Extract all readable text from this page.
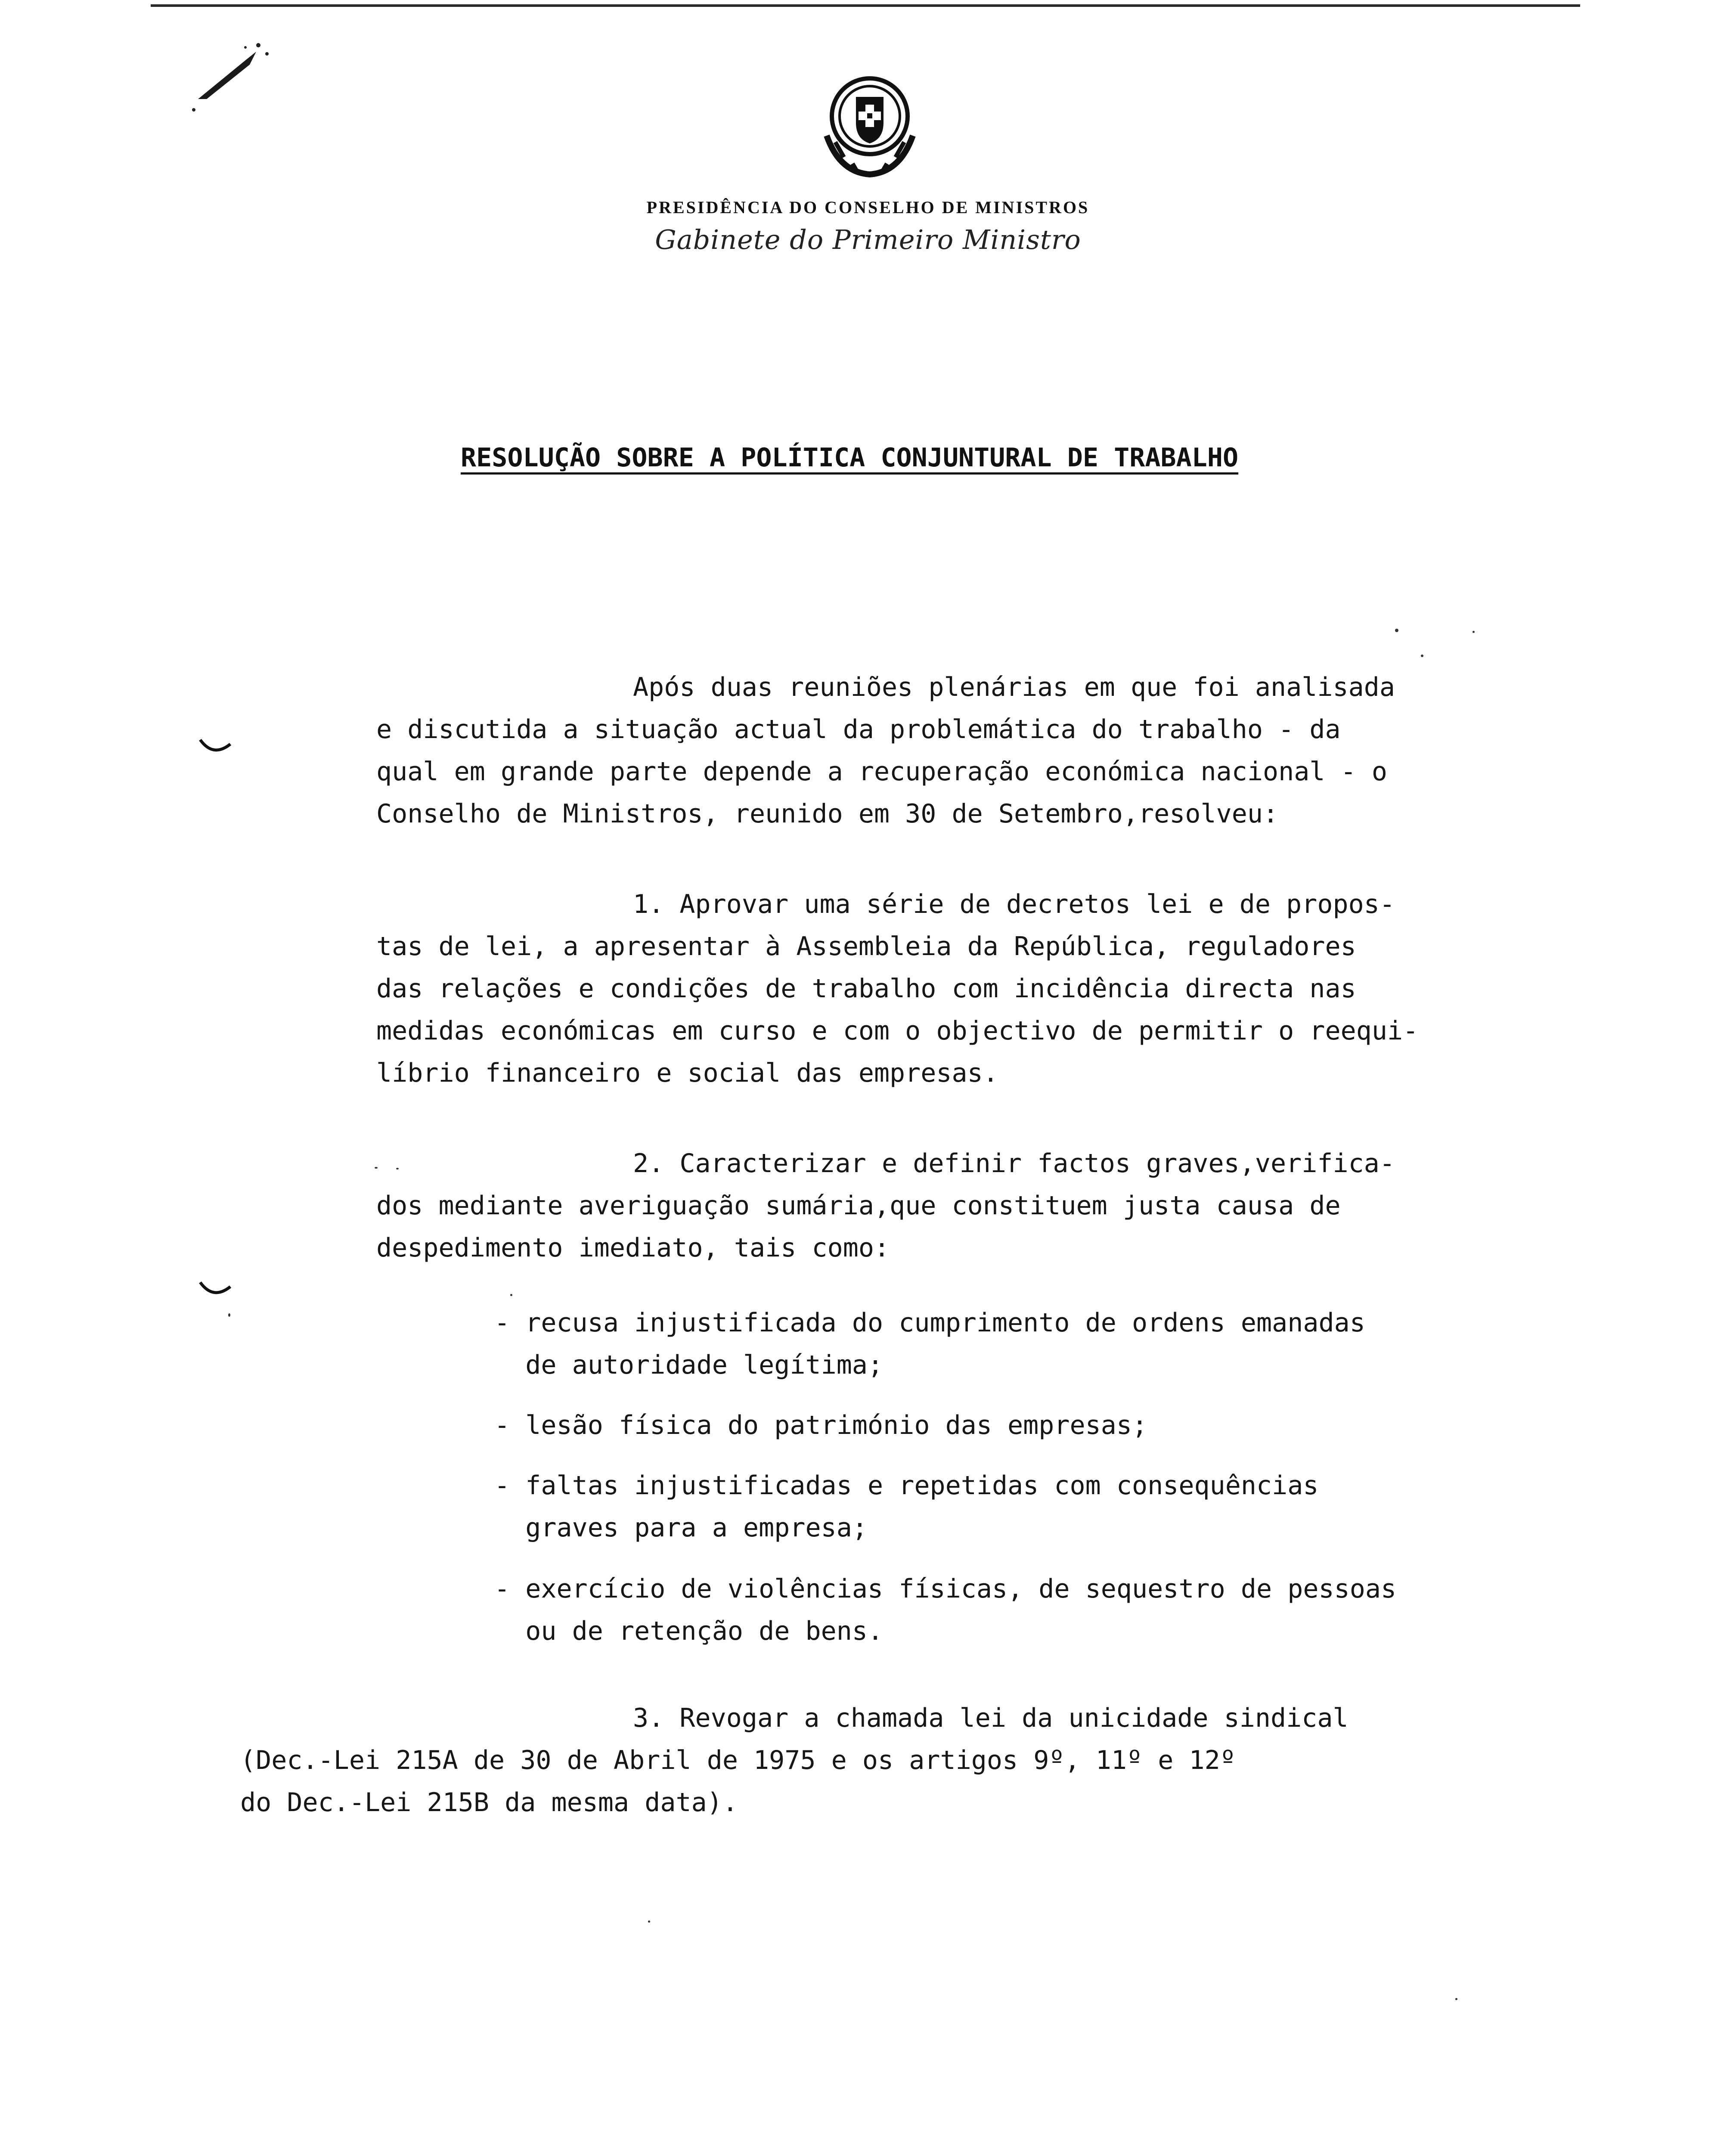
PRESIDÊNCIA DO CONSELHO DE MINISTROS
Gabinete do Primeiro Ministro
RESOLUÇÃO SOBRE A POLÍTICA CONJUNTURAL DE TRABALHO
Após duas reuniões plenárias em que foi analisada
e discutida a situação actual da problemática do trabalho - da
qual em grande parte depende a recuperação económica nacional - o
Conselho de Ministros, reunido em 30 de Setembro,resolveu:
1. Aprovar uma série de decretos lei e de propos-
tas de lei, a apresentar à Assembleia da República, reguladores
das relações e condições de trabalho com incidência directa nas
medidas económicas em curso e com o objectivo de permitir o reequi-
líbrio financeiro e social das empresas.
2. Caracterizar e definir factos graves,verifica-
dos mediante averiguação sumária,que constituem justa causa de
despedimento imediato, tais como:
- recusa injustificada do cumprimento de ordens emanadas
de autoridade legítima;
- lesão física do património das empresas;
- faltas injustificadas e repetidas com consequências
graves para a empresa;
- exercício de violências físicas, de sequestro de pessoas
ou de retenção de bens.
3. Revogar a chamada lei da unicidade sindical
(Dec.-Lei 215A de 30 de Abril de 1975 e os artigos 9º, 11º e 12º
do Dec.-Lei 215B da mesma data).
